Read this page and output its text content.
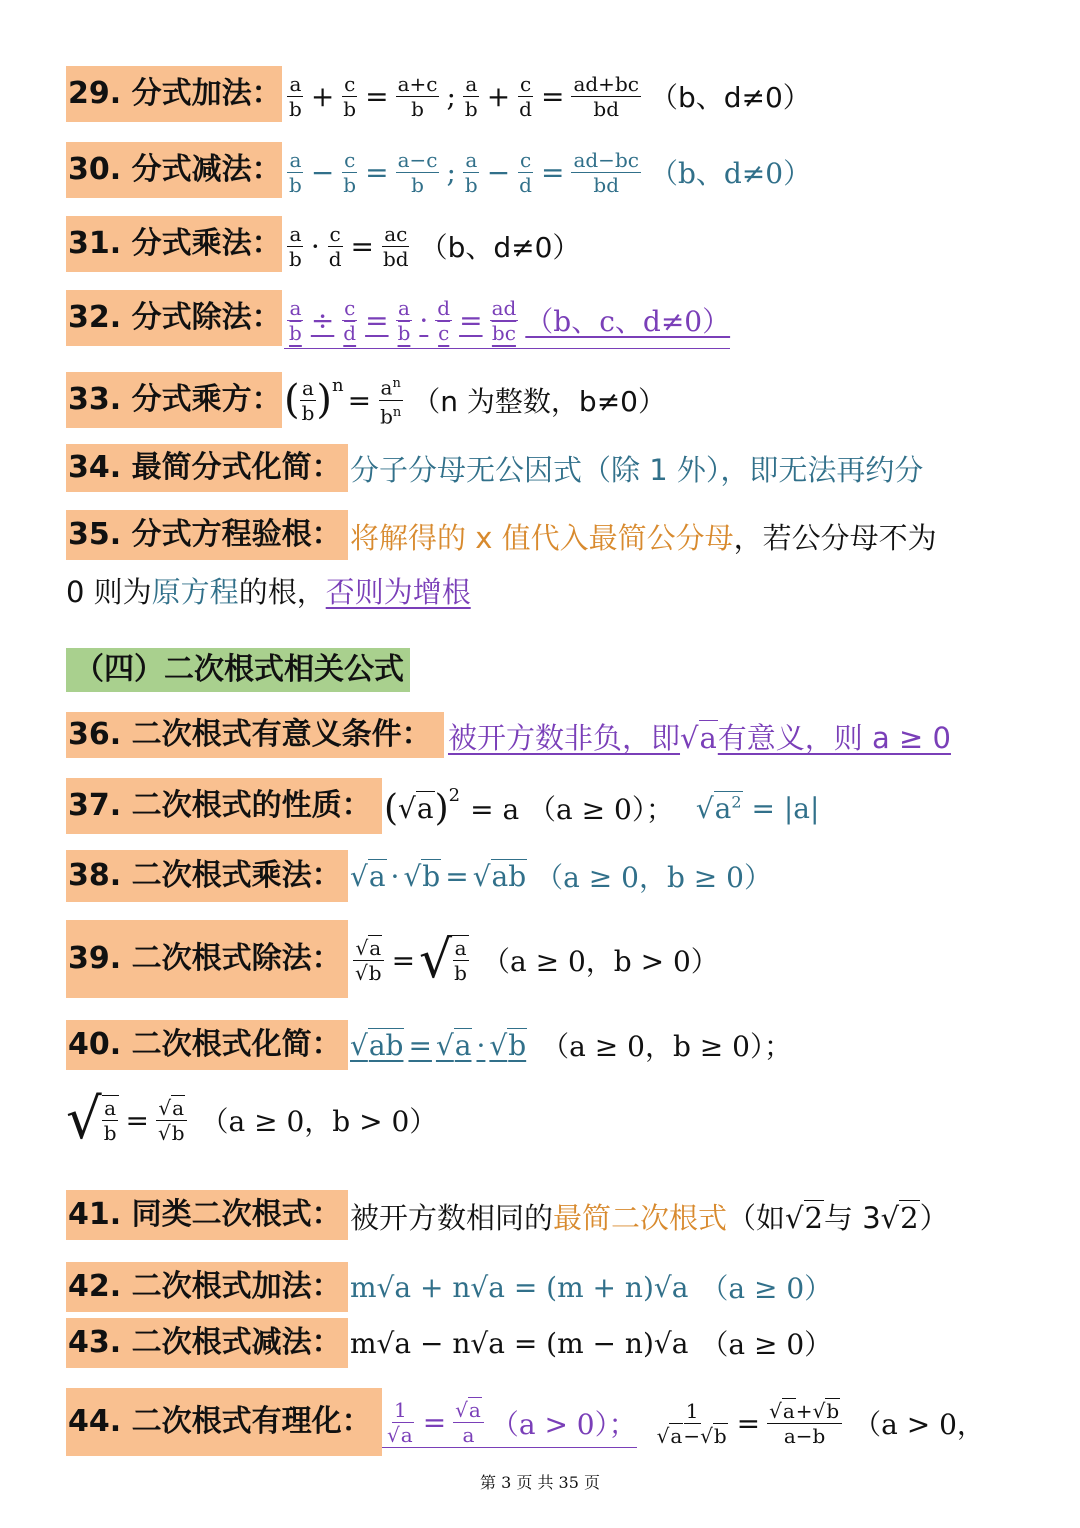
29. 分式加法： $\frac{a}{b} + \frac{c}{b} = \frac{a+c}{b}$ ; $\frac{a}{b} + \frac{c}{d} = \frac{ad+bc}{bd} (b$、d≠0）
30. 分式减法： $\frac{a}{b} - \frac{c}{b} = \frac{a-c}{b}$ ; $\frac{a}{b} - \frac{c}{d} = \frac{ad-bc}{bd} (b$、d≠0）
31. 分式乘法： $\frac{a}{b} \cdot \frac{c}{d} = \frac{ac}{bd} (b$、d≠0）
32. 分式除法： $\frac{a}{b} \div \frac{c}{d} = \frac{a}{b} \cdot \frac{d}{c} = \frac{ad}{bc} (b$、c、d≠0）
33. 分式乘方： ( $\frac{a}{b}$ ) $n = \frac{a^n}{b^n} (n$ 为整数，b≠0）
34. 最简分式化简： 分子分母无公因式（除 1 外），即无法再约分
35. 分式方程验根： 将解得的 x 值代入最简公分母，若公分母不为
0 则为原方程的根，否则为增根
（四）二次根式相关公式
36. 二次根式有意义条件： 被开方数非负，即√a有意义，则 a ≥ 0
37. 二次根式的性质： ( √a ) 2 = a （a ≥ 0）； $√a^2 = |a|$
38. 二次根式乘法： √a · √b = √ab （a ≥ 0，b ≥ 0）
39. 二次根式除法： $\frac{√a}{√b}$ = √ $\frac{a}{b} (a \ge 0$，b > 0）
40. 二次根式化简： √ab = √a · √b （a ≥ 0，b ≥ 0）；
√ $\frac{a}{b} = \frac{√a}{√b} (a \ge 0$，b > 0）
41. 同类二次根式： 被开方数相同的最简二次根式（如√2与 3√2）
42. 二次根式加法： m√a + n√a = (m + n)√a （a ≥ 0）
43. 二次根式减法： m√a − n√a = (m − n)√a （a ≥ 0）
44. 二次根式有理化： $\frac{1}{√a} = \frac{√a}{a} (a > 0)$； $\frac{1}{√a-√b} = \frac{√a+√b}{a-b} (a > 0$，
第 3 页 共 35 页
